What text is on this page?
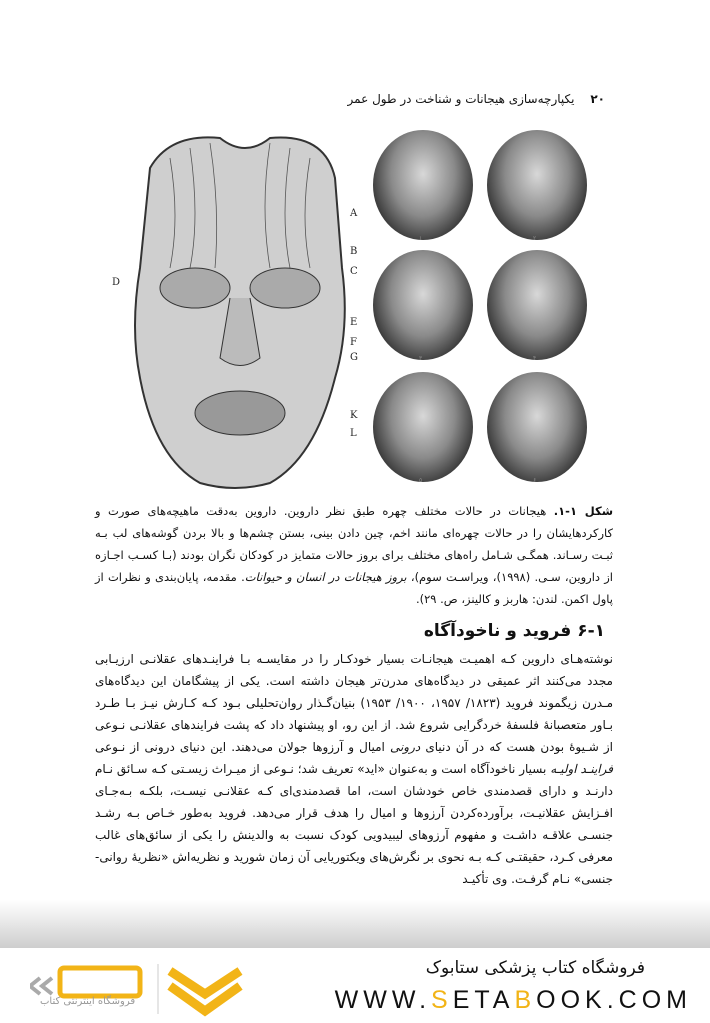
۲۰ یکپارچه‌سازی هیجانات و شناخت در طول عمر
A
B
C
D
E
F
G
K
L
۱	۲
۳	۴
۵	۶
شکل ۱-۱. هیجانات در حالات مختلف چهره طبق نظر داروین. داروین به‌دقت ماهیچه‌های صورت و کارکردهایشان را در حالات چهره‌ای مانند اخم، چین دادن بینی، بستن چشم‌ها و بالا بردن گوشه‌های لب بـه ثبـت رسـاند. همگـی شـامل راه‌های مختلف برای بروز حالات متمایز در کودکان نگران بودند (بـا کسـب اجـازه از داروین، سـی. (۱۹۹۸)، ویراسـت سوم)، بروز هیجانات در انسان و حیوانات. مقدمه، پایان‌بندی و نظرات از پاول اکمن. لندن: هاربز و کالینز، ص. ۲۹).
۶-۱ فروید و ناخودآگاه
نوشته‌هـای داروین کـه اهمیـت هیجانـات بسیار خودکـار را در مقایسـه بـا فراینـدهای عقلانـی ارزیـابی مجدد می‌کنند اثر عمیقی در دیدگاه‌های مدرن‌تر هیجان داشته است. یکی از پیشگامان این دیدگاه‌های مـدرن زیگموند فروید (۱۸۲۳/ ۱۹۵۷، ۱۹۰۰/ ۱۹۵۳) بنیان‌گـذار روان‌تحلیلی بـود کـه کـارش نیـز بـا طـرد بـاور متعصبانهٔ فلسفهٔ خردگرایی شروع شد. از این رو، او پیشنهاد داد که پشت فرایندهای عقلانـی نـوعی از شـیوهٔ بودن هست که در آن دنیای درونی امیال و آرزوها جولان می‌دهند. این دنیای درونی از نـوعی فراینـد اولیـه بسیار ناخودآگاه است و به‌عنوان «اید» تعریف شد؛ نـوعی از میـراث زیسـتی کـه سـائق نـام دارنـد و دارای قصدمندی خاص خودشان است، اما قصدمندی‌ای کـه عقلانـی نیسـت، بلکـه بـه‌جـای افـزایش عقلانیـت، برآورده‌کردن آرزوها و امیال را هدف قرار می‌دهد. فروید به‌طور خـاص بـه رشـد جنسـی علاقـه داشـت و مفهوم آرزوهای لیبیدویی کودک نسبت به والدینش را یکی از سائق‌های غالب معرفی کـرد، حقیقتـی کـه بـه نحوی بر نگرش‌های ویکتوریایی آن زمان شورید و نظریه‌اش «نظریهٔ روانی-جنسی» نـام گرفـت. وی تأکیـد
فروشگاه اینترنتی کتاب
فروشگاه کتاب پزشکی ستابوک
WWW.SETABOOK.COM
